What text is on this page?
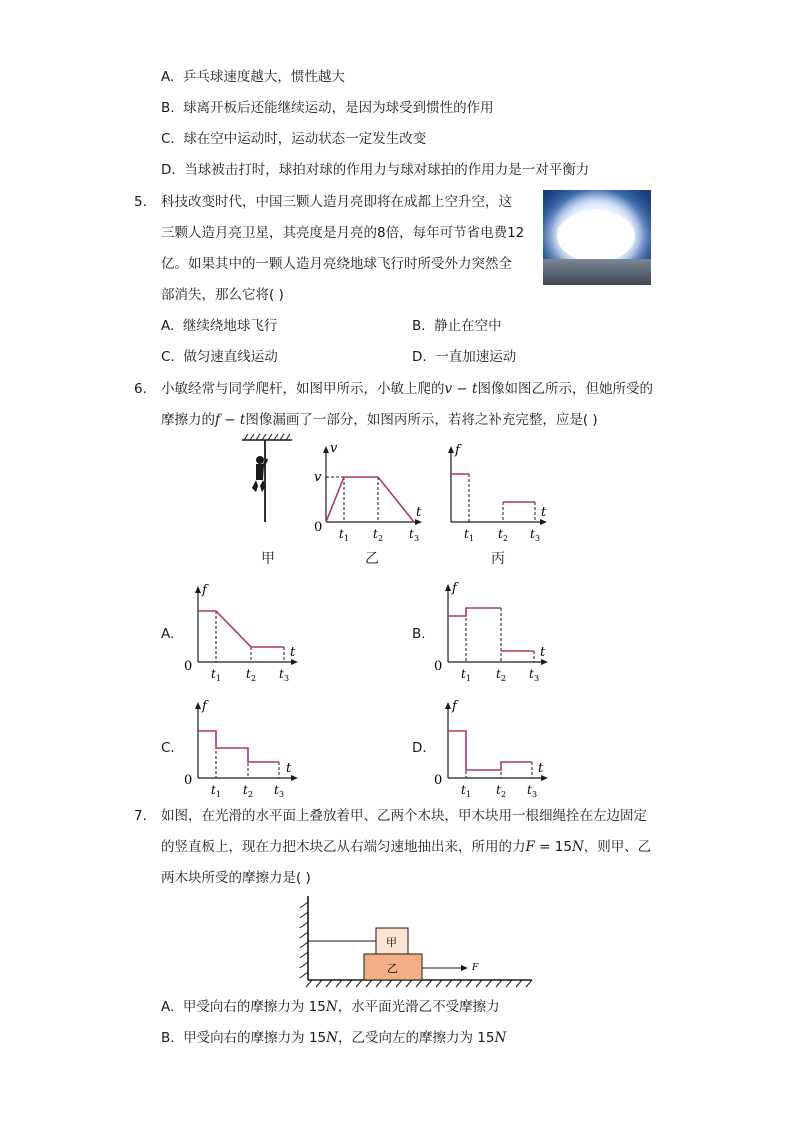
A. 乒乓球速度越大，惯性越大
B. 球离开板后还能继续运动，是因为球受到惯性的作用
C. 球在空中运动时，运动状态一定发生改变
D. 当球被击打时，球拍对球的作用力与球对球拍的作用力是一对平衡力
5. 科技改变时代，中国三颗人造月亮即将在成都上空升空，这
三颗人造月亮卫星，其亮度是月亮的8倍，每年可节省电费12
亿。如果其中的一颗人造月亮绕地球飞行时所受外力突然全
部消失，那么它将( )
A. 继续绕地球飞行	B. 静止在空中
C. 做匀速直线运动	D. 一直加速运动
6. 小敏经常与同学爬杆，如图甲所示，小敏上爬的v − t图像如图乙所示，但她所受的
摩擦力的f − t图像漏画了一部分，如图丙所示，若将之补充完整，应是( )
甲
v
v
0
t
t 1 t 2 t 3
乙
f
t
t 1 t 2 t 3
丙
A.
f
0
t
t 1 t 2 t 3
B.
f
0
t
t 1 t 2 t 3
C.
f
0
t
t 1 t 2 t 3
D.
f
0
t
t 1 t 2 t 3
7. 如图，在光滑的水平面上叠放着甲、乙两个木块，甲木块用一根细绳拴在左边固定
的竖直板上，现在力把木块乙从右端匀速地抽出来，所用的力F = 15N，则甲、乙
两木块所受的摩擦力是( )
甲
乙	F
A. 甲受向右的摩擦力为 15N，水平面光滑乙不受摩擦力
B. 甲受向右的摩擦力为 15N，乙受向左的摩擦力为 15N
